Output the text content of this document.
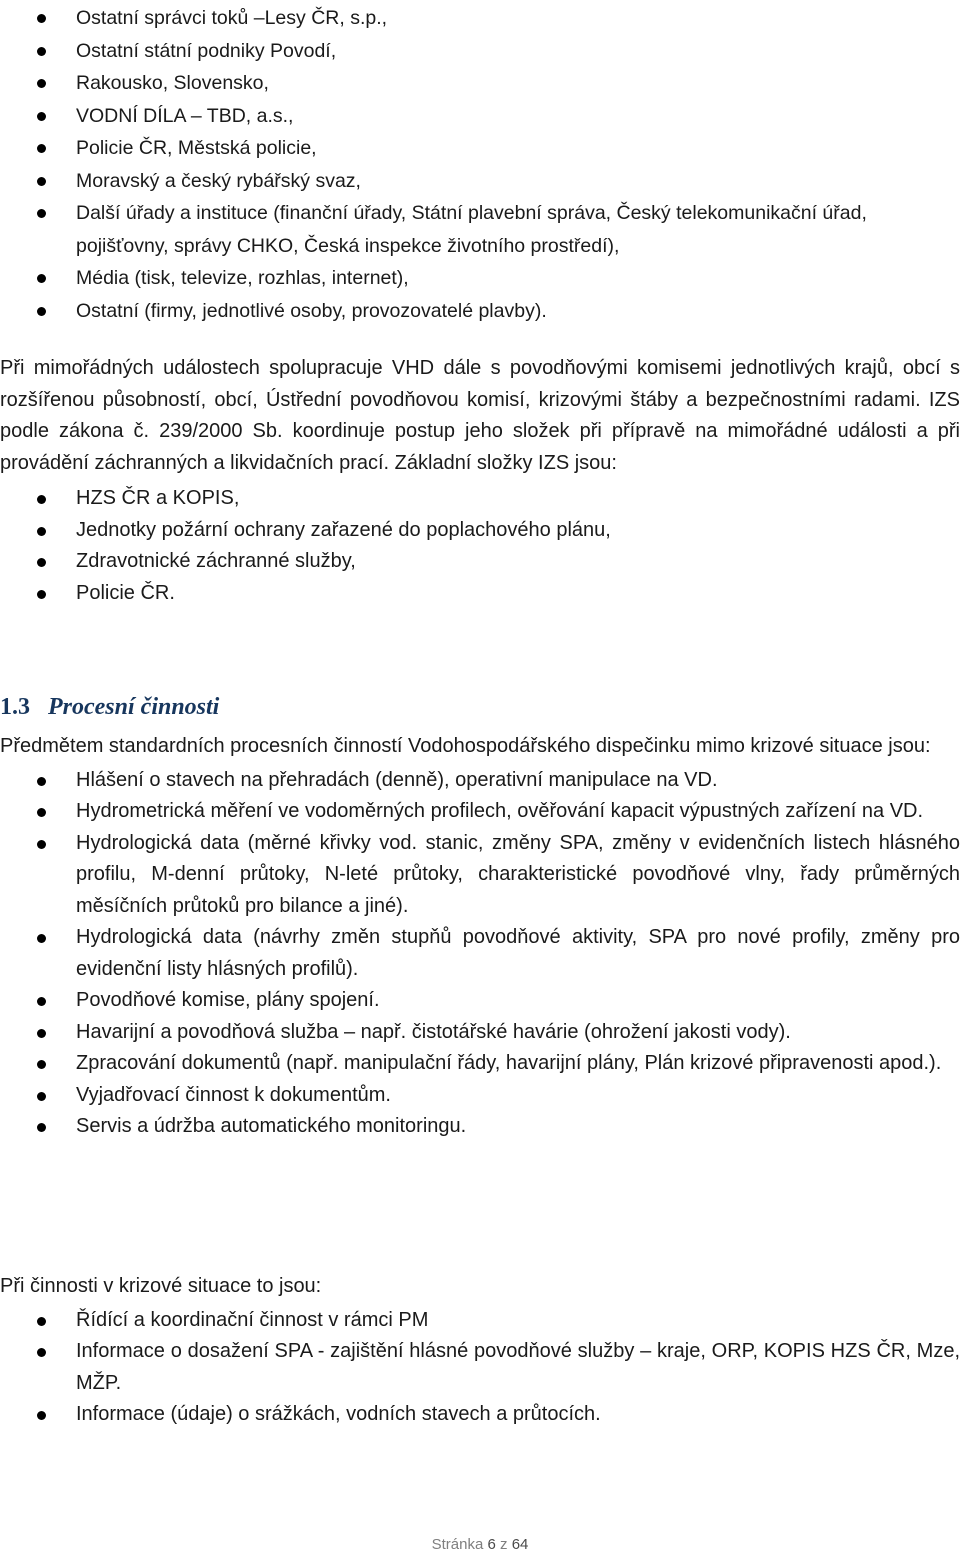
Ostatní správci toků –Lesy ČR, s.p.,
Ostatní státní podniky Povodí,
Rakousko, Slovensko,
VODNÍ DÍLA – TBD, a.s.,
Policie ČR, Městská policie,
Moravský a český rybářský svaz,
Další úřady a instituce (finanční úřady, Státní plavební správa, Český telekomunikační úřad, pojišťovny, správy CHKO, Česká inspekce životního prostředí),
Média (tisk, televize, rozhlas, internet),
Ostatní (firmy, jednotlivé osoby, provozovatelé plavby).

Při mimořádných událostech spolupracuje VHD dále s povodňovými komisemi jednotlivých krajů, obcí s rozšířenou působností, obcí, Ústřední povodňovou komisí, krizovými štáby a bezpečnostními radami. IZS podle zákona č. 239/2000 Sb. koordinuje postup jeho složek při přípravě na mimořádné události a při provádění záchranných a likvidačních prací. Základní složky IZS jsou:

HZS ČR a KOPIS,
Jednotky požární ochrany zařazené do poplachového plánu,
Zdravotnické záchranné služby,
Policie ČR.
1.3 Procesní činnosti

Předmětem standardních procesních činností Vodohospodářského dispečinku mimo krizové situace jsou:

Hlášení o stavech na přehradách (denně), operativní manipulace na VD.
Hydrometrická měření ve vodoměrných profilech, ověřování kapacit výpustných zařízení na VD.
Hydrologická data (měrné křivky vod. stanic, změny SPA, změny v evidenčních listech hlásného profilu, M-denní průtoky, N-leté průtoky, charakteristické povodňové vlny, řady průměrných měsíčních průtoků pro bilance a jiné).
Hydrologická data (návrhy změn stupňů povodňové aktivity, SPA pro nové profily, změny pro evidenční listy hlásných profilů).
Povodňové komise, plány spojení.
Havarijní a povodňová služba – např. čistotářské havárie (ohrožení jakosti vody).
Zpracování dokumentů (např. manipulační řády, havarijní plány, Plán krizové připravenosti apod.).
Vyjadřovací činnost k dokumentům.
Servis a údržba automatického monitoringu.

Při činnosti v krizové situace to jsou:

Řídící a koordinační činnost v rámci PM
Informace o dosažení SPA - zajištění hlásné povodňové služby – kraje, ORP, KOPIS HZS ČR, Mze, MŽP.
Informace (údaje) o srážkách, vodních stavech a průtocích.
Stránka 6 z 64
